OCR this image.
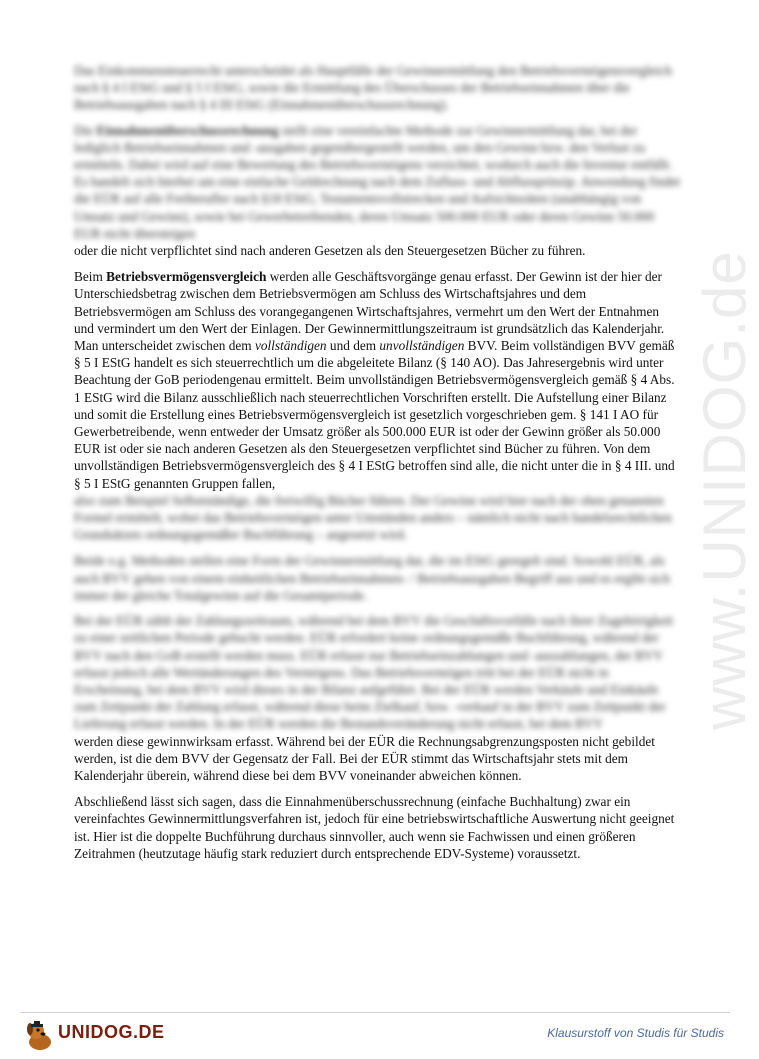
www.UNIDOG.de

Das Einkommensteuerrecht unterscheidet als Hauptfälle der Gewinnermittlung den Betriebsvermögensvergleich nach § 4 I EStG und § 5 I EStG, sowie die Ermittlung des Überschusses der Betriebseinnahmen über die Betriebsausgaben nach § 4 III EStG (Einnahmenüberschussrechnung).

Die Einnahmenüberschussrechnung stellt eine vereinfachte Methode zur Gewinnermittlung dar, bei der lediglich Betriebseinnahmen und -ausgaben gegenübergestellt werden, um den Gewinn bzw. den Verlust zu ermitteln. Dabei wird auf eine Bewertung des Betriebsvermögens verzichtet, wodurch auch die Inventur entfällt. Es handelt sich hierbei um eine einfache Geldrechnung nach dem Zufluss- und Abflussprinzip. Anwendung findet die EÜR auf alle Freiberufler nach §18 EStG, Testamentsvollstrecken und Aufsichtsräten (unabhängig von Umsatz und Gewinn), sowie bei Gewerbetreibenden, deren Umsatz 500.000 EUR oder deren Gewinn 50.000 EUR nicht übersteigen

oder die nicht verpflichtet sind nach anderen Gesetzen als den Steuergesetzen Bücher zu führen.

Beim Betriebsvermögensvergleich werden alle Geschäftsvorgänge genau erfasst. Der Gewinn ist der hier der Unterschiedsbetrag zwischen dem Betriebsvermögen am Schluss des Wirtschaftsjahres und dem Betriebsvermögen am Schluss des vorangegangenen Wirtschaftsjahres, vermehrt um den Wert der Entnahmen und vermindert um den Wert der Einlagen. Der Gewinnermittlungszeitraum ist grundsätzlich das Kalenderjahr. Man unterscheidet zwischen dem vollständigen und dem unvollständigen BVV. Beim vollständigen BVV gemäß § 5 I EStG handelt es sich steuerrechtlich um die abgeleitete Bilanz (§ 140 AO). Das Jahresergebnis wird unter Beachtung der GoB periodengenau ermittelt. Beim unvollständigen Betriebsvermögensvergleich gemäß § 4 Abs. 1 EStG wird die Bilanz ausschließlich nach steuerrechtlichen Vorschriften erstellt. Die Aufstellung einer Bilanz und somit die Erstellung eines Betriebsvermögensvergleich ist gesetzlich vorgeschrieben gem. § 141 I AO für Gewerbetreibende, wenn entweder der Umsatz größer als 500.000 EUR ist oder der Gewinn größer als 50.000 EUR ist oder sie nach anderen Gesetzen als den Steuergesetzen verpflichtet sind Bücher zu führen. Von dem unvollständigen Betriebsvermögensvergleich des § 4 I EStG betroffen sind alle, die nicht unter die in § 4 III. und § 5 I EStG genannten Gruppen fallen,

also zum Beispiel Selbstständige, die freiwillig Bücher führen. Der Gewinn wird hier nach der oben genannten Formel ermittelt, wobei das Betriebsvermögen unter Umständen anders – nämlich nicht nach handelsrechtlichen Grundsätzen ordnungsgemäßer Buchführung – angesetzt wird.

Beide o.g. Methoden stellen eine Form der Gewinnermittlung dar, die im EStG geregelt sind. Sowohl EÜR, als auch BVV gehen von einem einheitlichen Betriebseinnahmen- / Betriebsausgaben Begriff aus und es ergibt sich immer der gleiche Totalgewinn auf die Gesamtperiode.

Bei der EÜR zählt der Zahlungszeitraum, während bei dem BVV die Geschäftsvorfälle nach ihrer Zugehörigkeit zu einer zeitlichen Periode gebucht werden. EÜR erfordert keine ordnungsgemäße Buchführung, während der BVV nach den GoB erstellt werden muss. EÜR erfasst nur Betriebseinzahlungen und -auszahlungen, der BVV erfasst jedoch alle Wertänderungen des Vermögens. Das Betriebsvermögen tritt bei der EÜR nicht in Erscheinung, bei dem BVV wird dieses in der Bilanz aufgeführt. Bei der EÜR werden Verkäufe und Einkäufe zum Zeitpunkt der Zahlung erfasst, während diese beim Zielkauf, bzw. -verkauf in der BVV zum Zeitpunkt der Lieferung erfasst werden. In der EÜR werden die Bestandsveränderung nicht erfasst, bei dem BVV

werden diese gewinnwirksam erfasst. Während bei der EÜR die Rechnungsabgrenzungsposten nicht gebildet werden, ist die dem BVV der Gegensatz der Fall. Bei der EÜR stimmt das Wirtschaftsjahr stets mit dem Kalenderjahr überein, während diese bei dem BVV voneinander abweichen können.

Abschließend lässt sich sagen, dass die Einnahmenüberschussrechnung (einfache Buchhaltung) zwar ein vereinfachtes Gewinnermittlungsverfahren ist, jedoch für eine betriebswirtschaftliche Auswertung nicht geeignet ist. Hier ist die doppelte Buchführung durchaus sinnvoller, auch wenn sie Fachwissen und einen größeren Zeitrahmen (heutzutage häufig stark reduziert durch entsprechende EDV-Systeme) voraussetzt.

UNIDOG.DE	Klausurstoff von Studis für Studis
